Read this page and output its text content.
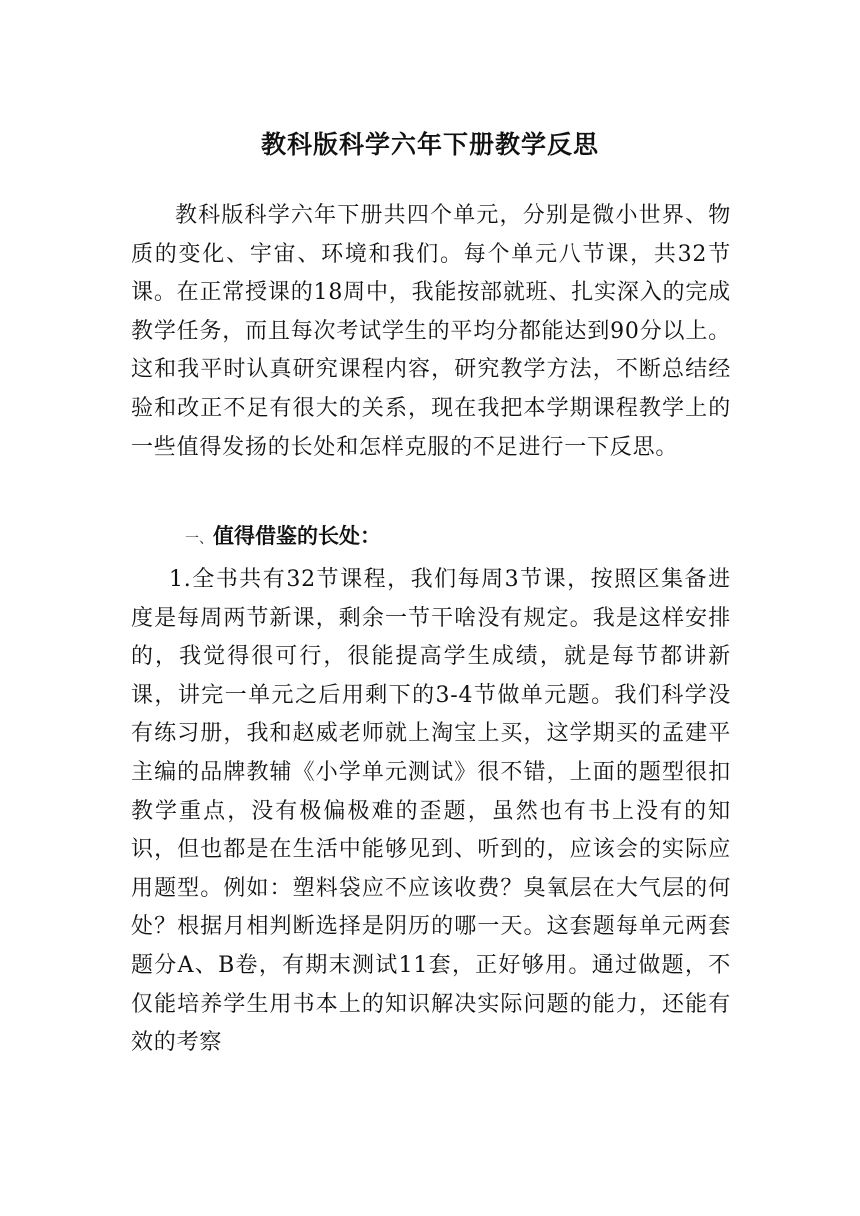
教科版科学六年下册教学反思

教科版科学六年下册共四个单元，分别是微小世界、物质的变化、宇宙、环境和我们。每个单元八节课，共32节课。在正常授课的18周中，我能按部就班、扎实深入的完成教学任务，而且每次考试学生的平均分都能达到90分以上。这和我平时认真研究课程内容，研究教学方法，不断总结经验和改正不足有很大的关系，现在我把本学期课程教学上的一些值得发扬的长处和怎样克服的不足进行一下反思。

一、值得借鉴的长处：

1.全书共有32节课程，我们每周3节课，按照区集备进度是每周两节新课，剩余一节干啥没有规定。我是这样安排的，我觉得很可行，很能提高学生成绩，就是每节都讲新课，讲完一单元之后用剩下的3-4节做单元题。我们科学没有练习册，我和赵威老师就上淘宝上买，这学期买的孟建平主编的品牌教辅《小学单元测试》很不错，上面的题型很扣教学重点，没有极偏极难的歪题，虽然也有书上没有的知识，但也都是在生活中能够见到、听到的，应该会的实际应用题型。例如：塑料袋应不应该收费？臭氧层在大气层的何处？根据月相判断选择是阴历的哪一天。这套题每单元两套题分A、B卷，有期末测试11套，正好够用。通过做题，不仅能培养学生用书本上的知识解决实际问题的能力，还能有效的考察
